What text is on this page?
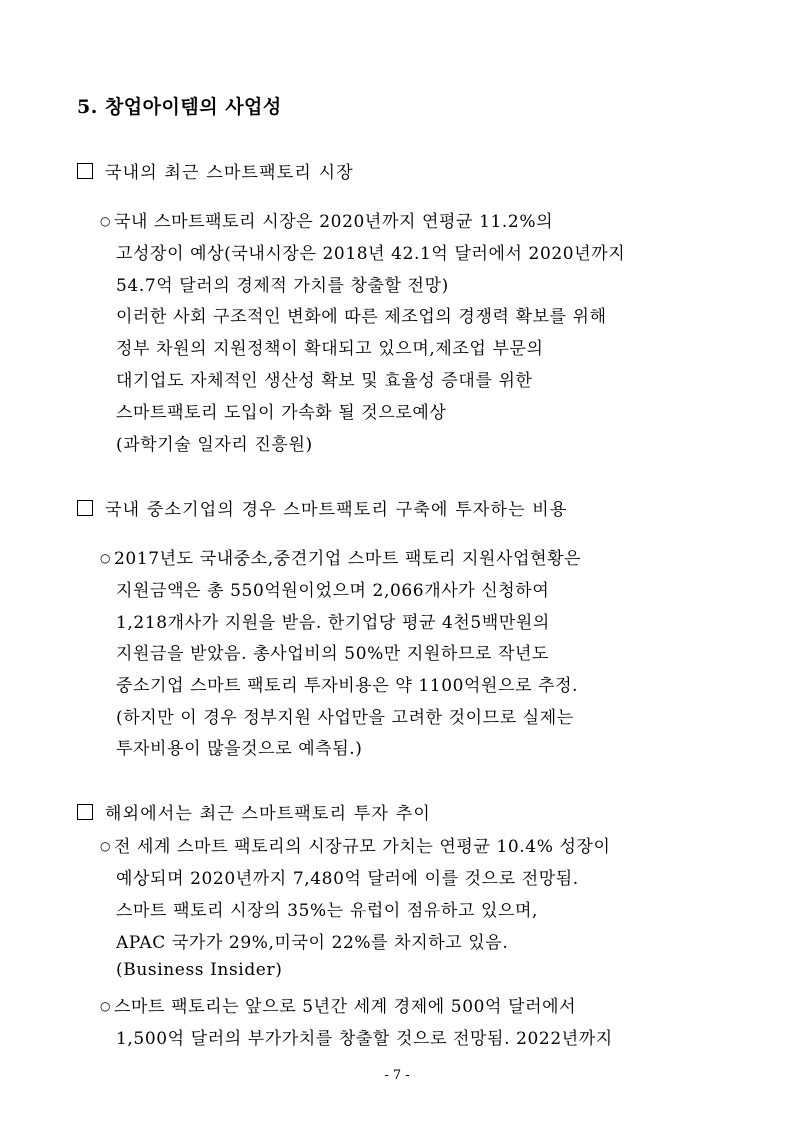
5. 창업아이템의 사업성
국내의 최근 스마트팩토리 시장
○ 국내 스마트팩토리 시장은 2020년까지 연평균 11.2%의
고성장이 예상(국내시장은 2018년 42.1억 달러에서 2020년까지
54.7억 달러의 경제적 가치를 창출할 전망)
이러한 사회 구조적인 변화에 따른 제조업의 경쟁력 확보를 위해
정부 차원의 지원정책이 확대되고 있으며,제조업 부문의
대기업도 자체적인 생산성 확보 및 효율성 증대를 위한
스마트팩토리 도입이 가속화 될 것으로예상
(과학기술 일자리 진흥원)
국내 중소기업의 경우 스마트팩토리 구축에 투자하는 비용
○ 2017년도 국내중소,중견기업 스마트 팩토리 지원사업현황은
지원금액은 총 550억원이었으며 2,066개사가 신청하여
1,218개사가 지원을 받음. 한기업당 평균 4천5백만원의
지원금을 받았음. 총사업비의 50%만 지원하므로 작년도
중소기업 스마트 팩토리 투자비용은 약 1100억원으로 추정.
(하지만 이 경우 정부지원 사업만을 고려한 것이므로 실제는
투자비용이 많을것으로 예측됨.)
해외에서는 최근 스마트팩토리 투자 추이
○ 전 세계 스마트 팩토리의 시장규모 가치는 연평균 10.4% 성장이
예상되며 2020년까지 7,480억 달러에 이를 것으로 전망됨.
스마트 팩토리 시장의 35%는 유럽이 점유하고 있으며,
APAC 국가가 29%,미국이 22%를 차지하고 있음.
(Business Insider)
○ 스마트 팩토리는 앞으로 5년간 세계 경제에 500억 달러에서
1,500억 달러의 부가가치를 창출할 것으로 전망됨. 2022년까지
- 7 -
